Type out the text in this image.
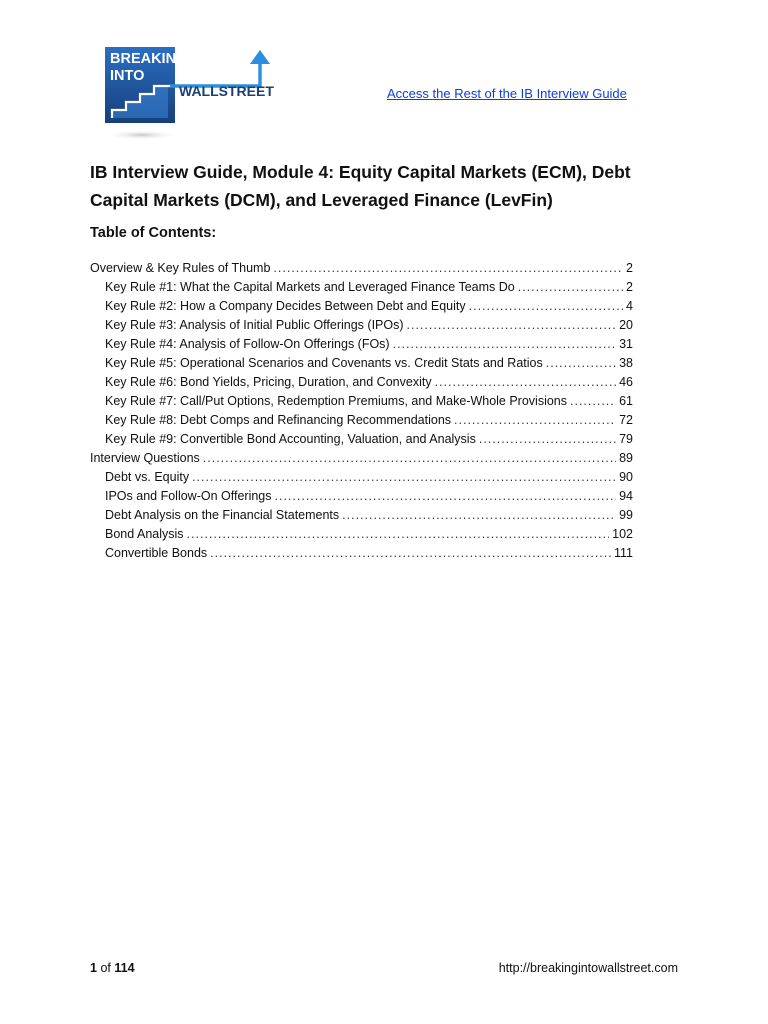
BREAKING
INTO
WALLSTREET	Access the Rest of the IB Interview Guide
IB Interview Guide, Module 4: Equity Capital Markets (ECM), Debt Capital Markets (DCM), and Leveraged Finance (LevFin)
Table of Contents:
Overview & Key Rules of Thumb .....	2
Key Rule #1: What the Capital Markets and Leveraged Finance Teams Do .....	2
Key Rule #2: How a Company Decides Between Debt and Equity .....	4
Key Rule #3: Analysis of Initial Public Offerings (IPOs) .....	20
Key Rule #4: Analysis of Follow-On Offerings (FOs) .....	31
Key Rule #5: Operational Scenarios and Covenants vs. Credit Stats and Ratios .....	38
Key Rule #6: Bond Yields, Pricing, Duration, and Convexity .....	46
Key Rule #7: Call/Put Options, Redemption Premiums, and Make-Whole Provisions .....	61
Key Rule #8: Debt Comps and Refinancing Recommendations .....	72
Key Rule #9: Convertible Bond Accounting, Valuation, and Analysis .....	79
Interview Questions .....	89
Debt vs. Equity .....	90
IPOs and Follow-On Offerings .....	94
Debt Analysis on the Financial Statements .....	99
Bond Analysis .....	102
Convertible Bonds .....	111
1 of 114	http://breakingintowallstreet.com
